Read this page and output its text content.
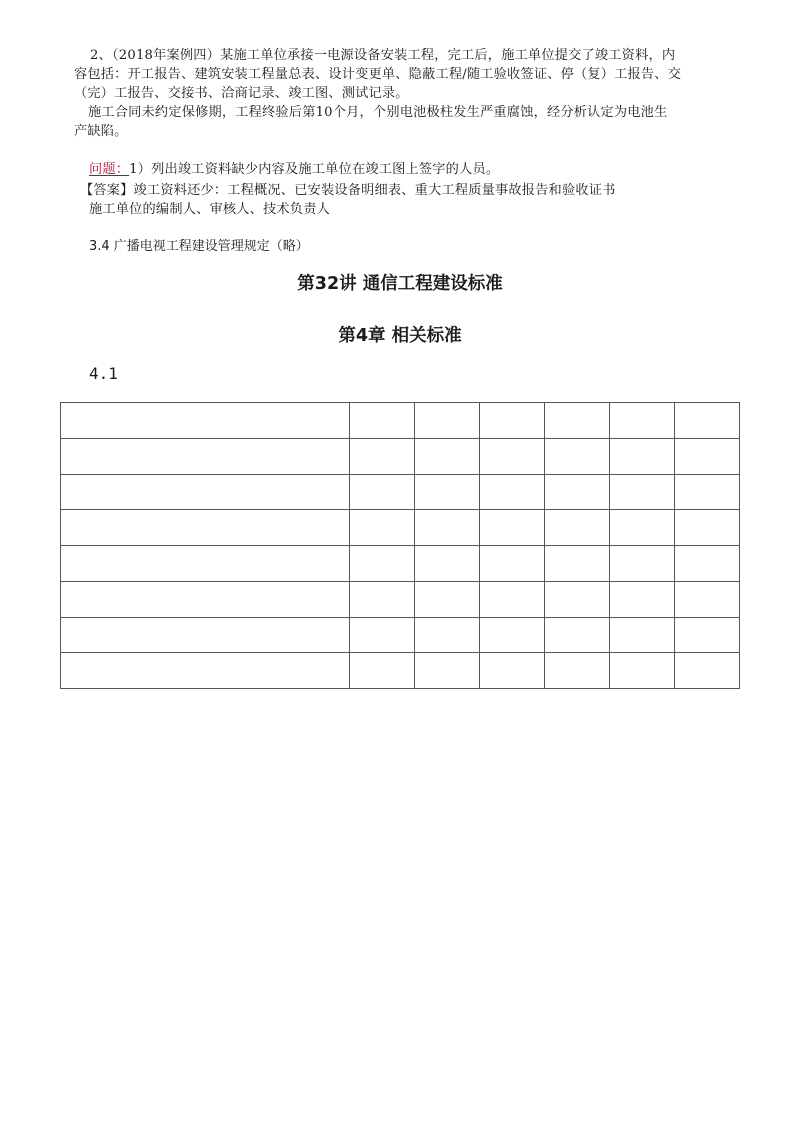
2、（2018年案例四）某施工单位承接一电源设备安装工程，完工后，施工单位提交了竣工资料，内
容包括：开工报告、建筑安装工程量总表、设计变更单、隐蔽工程/随工验收签证、停（复）工报告、交
（完）工报告、交接书、洽商记录、竣工图、测试记录。
施工合同未约定保修期，工程终验后第10个月，个别电池极柱发生严重腐蚀，经分析认定为电池生
产缺陷。
问题：1）列出竣工资料缺少内容及施工单位在竣工图上签字的人员。
【答案】竣工资料还少：工程概况、已安装设备明细表、重大工程质量事故报告和验收证书
施工单位的编制人、审核人、技术负责人
3.4 广播电视工程建设管理规定（略）
第32讲 通信工程建设标准
第4章 相关标准
4.1
